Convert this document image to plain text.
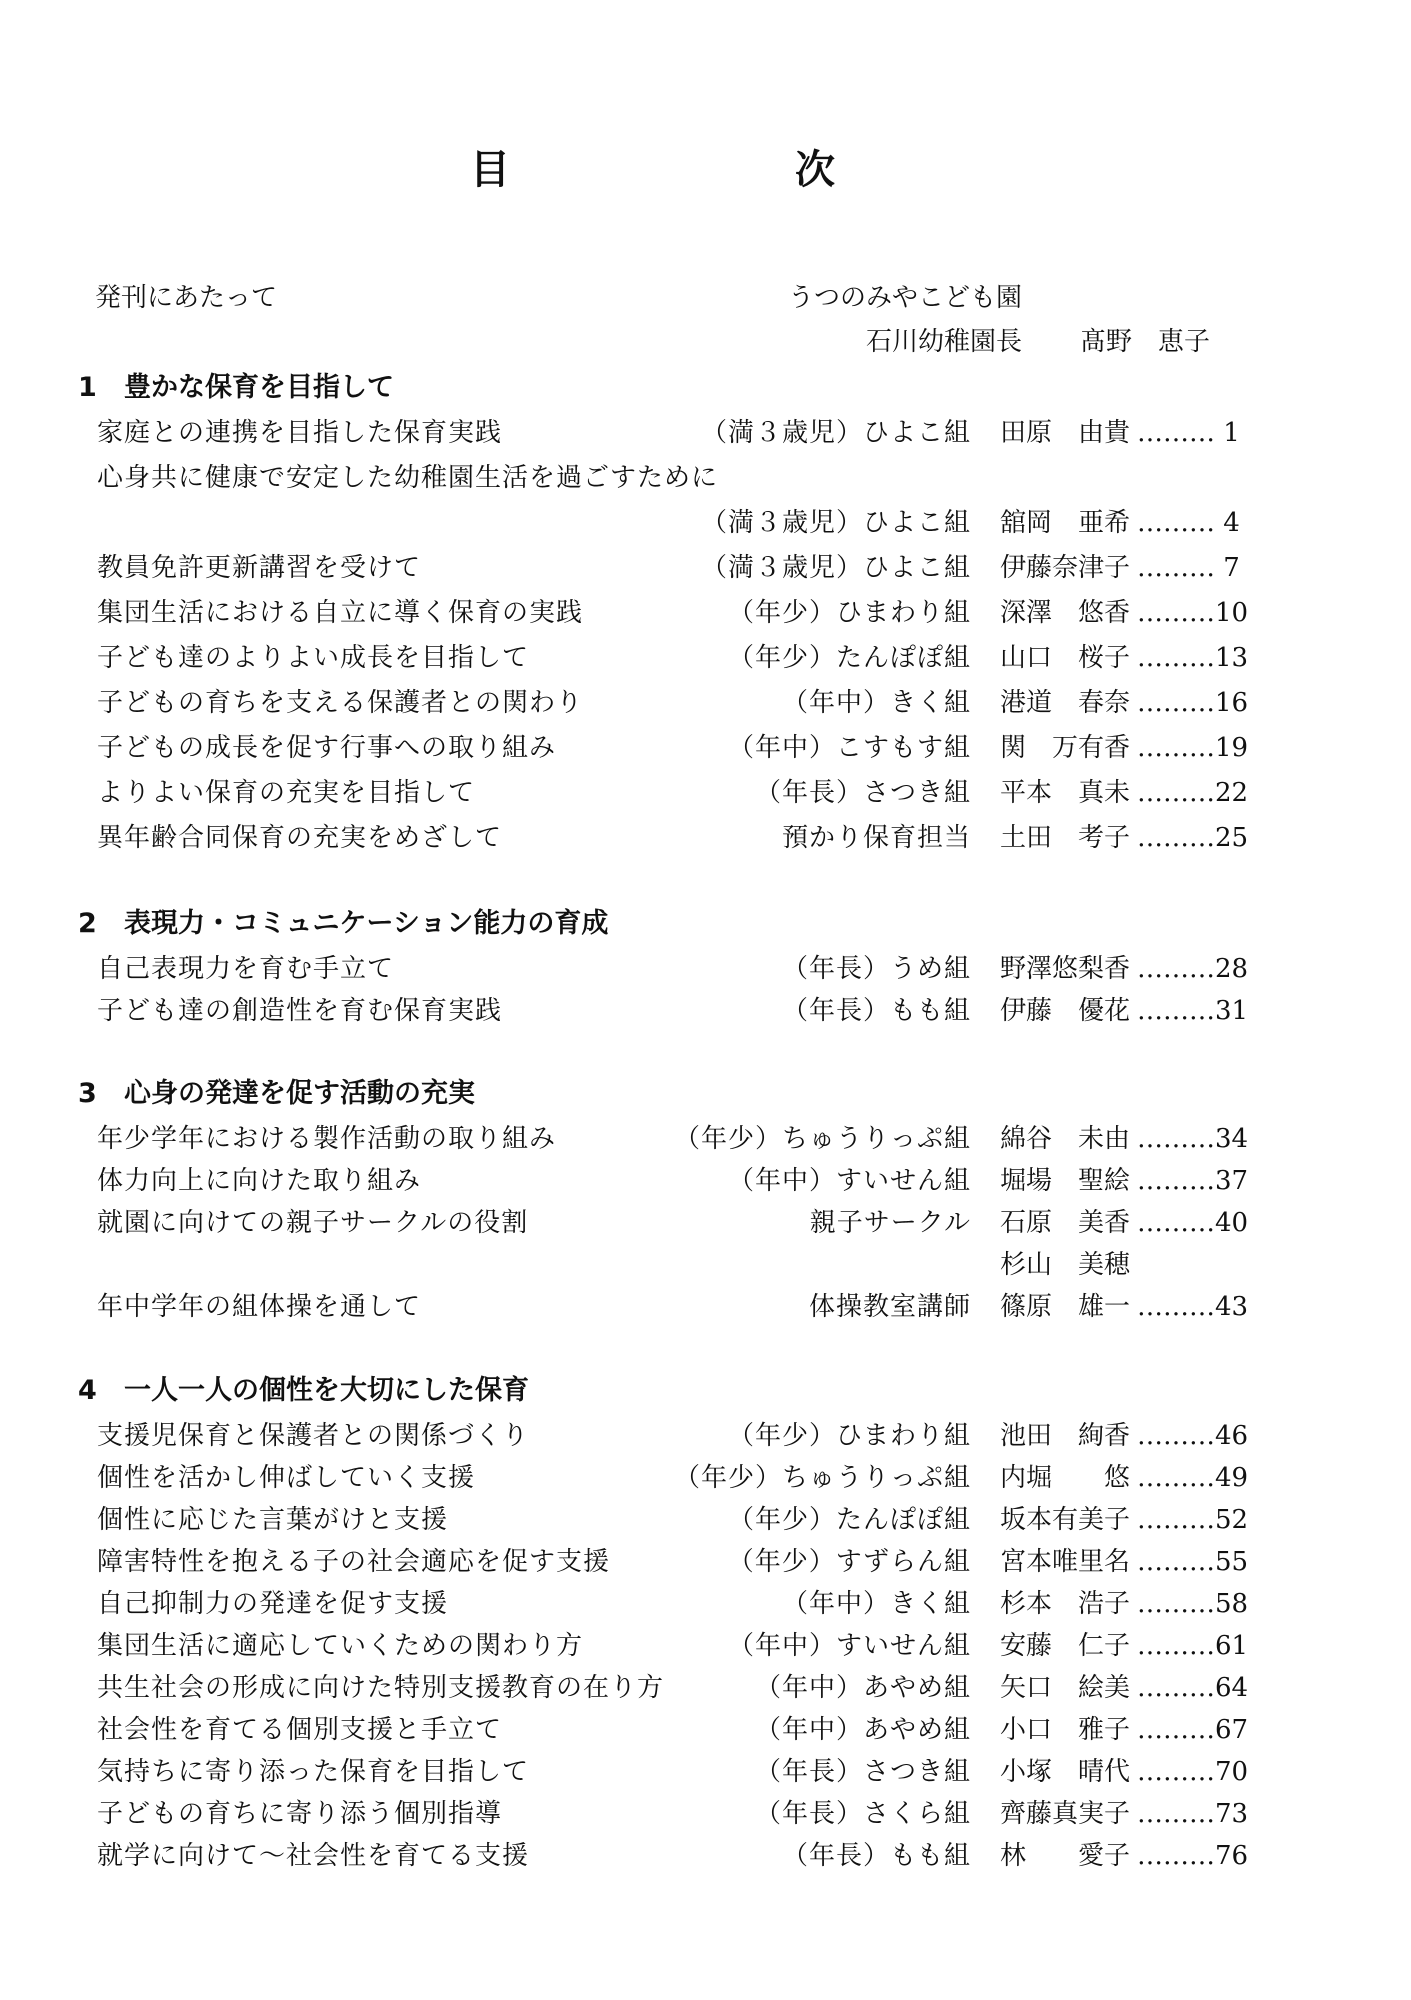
目	次
発刊にあたって	うつのみやこども園
石川幼稚園長 髙野　恵子
1 豊かな保育を目指して
家庭との連携を目指した保育実践	（満３歳児）ひよこ組 田原　由貴 ……… 1
心身共に健康で安定した幼稚園生活を過ごすために
（満３歳児）ひよこ組 舘岡　亜希 ……… 4
教員免許更新講習を受けて	（満３歳児）ひよこ組 伊藤奈津子 ……… 7
集団生活における自立に導く保育の実践	（年少）ひまわり組 深澤　悠香 ………10
子ども達のよりよい成長を目指して	（年少）たんぽぽ組 山口　桜子 ………13
子どもの育ちを支える保護者との関わり	（年中）きく組 港道　春奈 ………16
子どもの成長を促す行事への取り組み	（年中）こすもす組 関　万有香 ………19
よりよい保育の充実を目指して	（年長）さつき組 平本　真未 ………22
異年齢合同保育の充実をめざして	預かり保育担当 土田　考子 ………25
2 表現力・コミュニケーション能力の育成
自己表現力を育む手立て	（年長）うめ組 野澤悠梨香 ………28
子ども達の創造性を育む保育実践	（年長）もも組 伊藤　優花 ………31
3 心身の発達を促す活動の充実
年少学年における製作活動の取り組み	（年少）ちゅうりっぷ組 綿谷　未由 ………34
体力向上に向けた取り組み	（年中）すいせん組 堀場　聖絵 ………37
就園に向けての親子サークルの役割	親子サークル 石原　美香 ………40
杉山　美穂
年中学年の組体操を通して	体操教室講師 篠原　雄一 ………43
4 一人一人の個性を大切にした保育
支援児保育と保護者との関係づくり	（年少）ひまわり組 池田　絢香 ………46
個性を活かし伸ばしていく支援	（年少）ちゅうりっぷ組 内堀　　悠 ………49
個性に応じた言葉がけと支援	（年少）たんぽぽ組 坂本有美子 ………52
障害特性を抱える子の社会適応を促す支援	（年少）すずらん組 宮本唯里名 ………55
自己抑制力の発達を促す支援	（年中）きく組 杉本　浩子 ………58
集団生活に適応していくための関わり方	（年中）すいせん組 安藤　仁子 ………61
共生社会の形成に向けた特別支援教育の在り方	（年中）あやめ組 矢口　絵美 ………64
社会性を育てる個別支援と手立て	（年中）あやめ組 小口　雅子 ………67
気持ちに寄り添った保育を目指して	（年長）さつき組 小塚　晴代 ………70
子どもの育ちに寄り添う個別指導	（年長）さくら組 齊藤真実子 ………73
就学に向けて～社会性を育てる支援	（年長）もも組 林　　愛子 ………76
